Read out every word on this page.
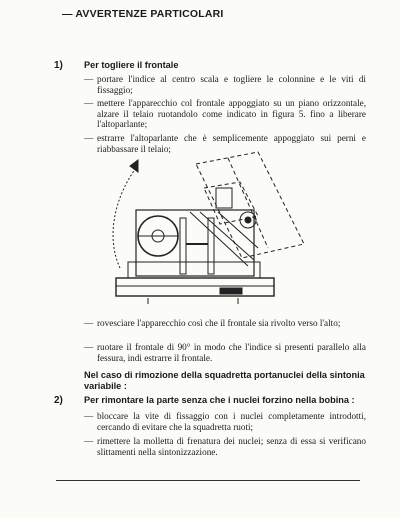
— AVVERTENZE PARTICOLARI
1) Per togliere il frontale
— portare l'indice al centro scala e togliere le colonnine e le viti di fissaggio;
— mettere l'apparecchio col frontale appoggiato su un piano orizzontale, alzare il telaio ruotandolo come indicato in figura 5. fino a liberare l'altoparlante;
— estrarre l'altoparlante che è semplicemente appoggiato sui perni e riabbassare il telaio;
— rovesciare l'apparecchio così che il frontale sia rivolto verso l'alto;
— ruotare il frontale di 90° in modo che l'indice si presenti parallelo alla fessura, indi estrarre il frontale.
Nel caso di rimozione della squadretta portanuclei della sintonia variabile :
2) Per rimontare la parte senza che i nuclei forzino nella bobina :
— bloccare la vite di fissaggio con i nuclei completamente introdotti, cercando di evitare che la squadretta ruoti;
— rimettere la molletta di frenatura dei nuclei; senza di essa si verificano slittamenti nella sintonizzazione.
